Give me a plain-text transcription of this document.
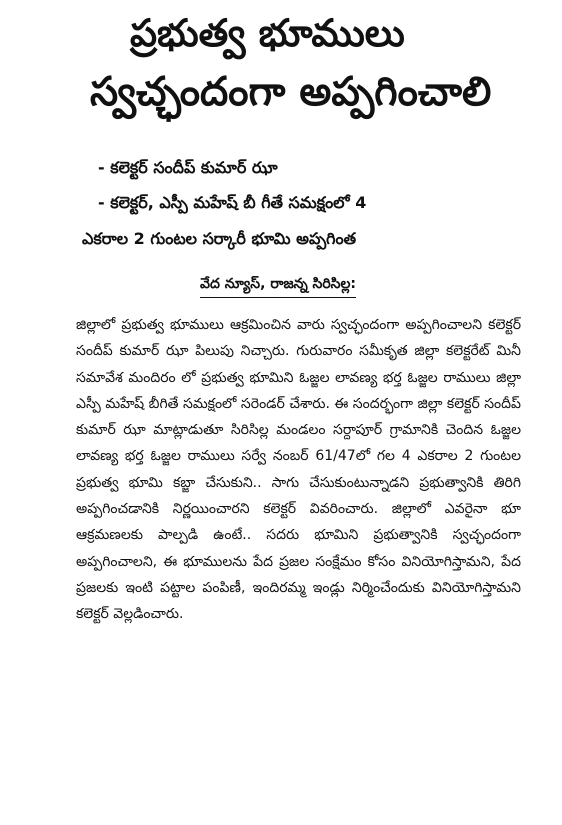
ప్రభుత్వ భూములు
స్వచ్ఛందంగా అప్పగించాలి
- కలెక్టర్ సందీప్ కుమార్ ఝా
- కలెక్టర్, ఎస్పీ మహేష్ బీ గీతే సమక్షంలో 4
ఎకరాల 2 గుంటల సర్కారీ భూమి అప్పగింత
వేద న్యూస్, రాజన్న సిరిసిల్ల:
జిల్లాలో ప్రభుత్వ భూములు ఆక్రమించిన వారు స్వచ్ఛందంగా అప్పగించాలని కలెక్టర్ సందీప్ కుమార్ ఝా పిలుపు నిచ్చారు. గురువారం సమీకృత జిల్లా కలెక్టరేట్ మినీ సమావేశ మందిరం లో ప్రభుత్వ భూమిని ఓజ్జల లావణ్య భర్త ఓజ్జల రాములు జిల్లా ఎస్పీ మహేష్ బీగితే సమక్షంలో సరెండర్ చేశారు. ఈ సందర్భంగా జిల్లా కలెక్టర్ సందీప్ కుమార్ ఝా మాట్లాడుతూ సిరిసిల్ల మండలం సర్దాపూర్ గ్రామానికి చెందిన ఓజ్జల లావణ్య భర్త ఓజ్జల రాములు సర్వే నంబర్ 61/47లో గల 4 ఎకరాల 2 గుంటల ప్రభుత్వ భూమి కబ్జా చేసుకుని.. సాగు చేసుకుంటున్నాడని ప్రభుత్వానికి తిరిగి అప్పగించడానికి నిర్ణయించారని కలెక్టర్ వివరించారు. జిల్లాలో ఎవరైనా భూ ఆక్రమణలకు పాల్పడి ఉంటే.. సదరు భూమిని ప్రభుత్వానికి స్వచ్ఛందంగా అప్పగించాలని, ఈ భూములను పేద ప్రజల సంక్షేమం కోసం వినియోగిస్తామని, పేద ప్రజలకు ఇంటి పట్టాల పంపిణీ, ఇందిరమ్మ ఇండ్లు నిర్మించేందుకు వినియోగిస్తామని కలెక్టర్ వెల్లడించారు.
